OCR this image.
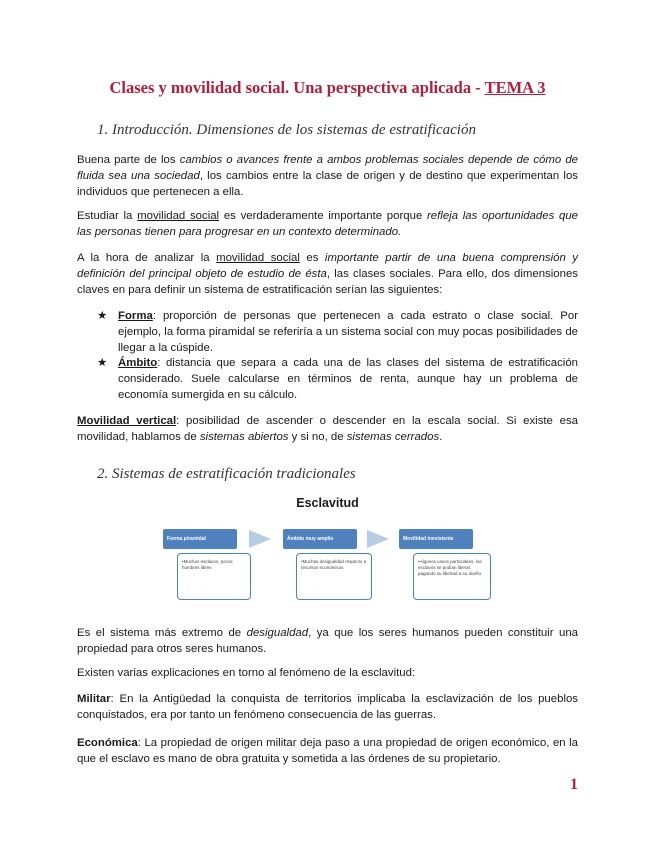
Clases y movilidad social. Una perspectiva aplicada - TEMA 3
1. Introducción. Dimensiones de los sistemas de estratificación
Buena parte de los cambios o avances frente a ambos problemas sociales depende de cómo de fluida sea una sociedad, los cambios entre la clase de origen y de destino que experimentan los individuos que pertenecen a ella.
Estudiar la movilidad social es verdaderamente importante porque refleja las oportunidades que las personas tienen para progresar en un contexto determinado.
A la hora de analizar la movilidad social es importante partir de una buena comprensión y definición del principal objeto de estudio de ésta, las clases sociales. Para ello, dos dimensiones claves en para definir un sistema de estratificación serían las siguientes:
★ Forma: proporción de personas que pertenecen a cada estrato o clase social. Por ejemplo, la forma piramidal se referiría a un sistema social con muy pocas posibilidades de llegar a la cúspide.
★ Ámbito: distancia que separa a cada una de las clases del sistema de estratificación considerado. Suele calcularse en términos de renta, aunque hay un problema de economía sumergida en su cálculo.
Movilidad vertical: posibilidad de ascender o descender en la escala social. Si existe esa movilidad, hablamos de sistemas abiertos y si no, de sistemas cerrados.
2. Sistemas de estratificación tradicionales
Esclavitud
Forma piramidal
•Muchos esclavos, pocos hombres libres
Ámbito muy amplio
•Muchas desigualdad respecto a recursos económicos
Movilidad inexistente
•Algunos casos particulares, los esclavos se podían liberar pagando su libertad a su dueño
Es el sistema más extremo de desigualdad, ya que los seres humanos pueden constituir una propiedad para otros seres humanos.
Existen varias explicaciones en torno al fenómeno de la esclavitud:
Militar: En la Antigüedad la conquista de territorios implicaba la esclavización de los pueblos conquistados, era por tanto un fenómeno consecuencia de las guerras.
Económica: La propiedad de origen militar deja paso a una propiedad de origen económico, en la que el esclavo es mano de obra gratuita y sometida a las órdenes de su propietario.
1
